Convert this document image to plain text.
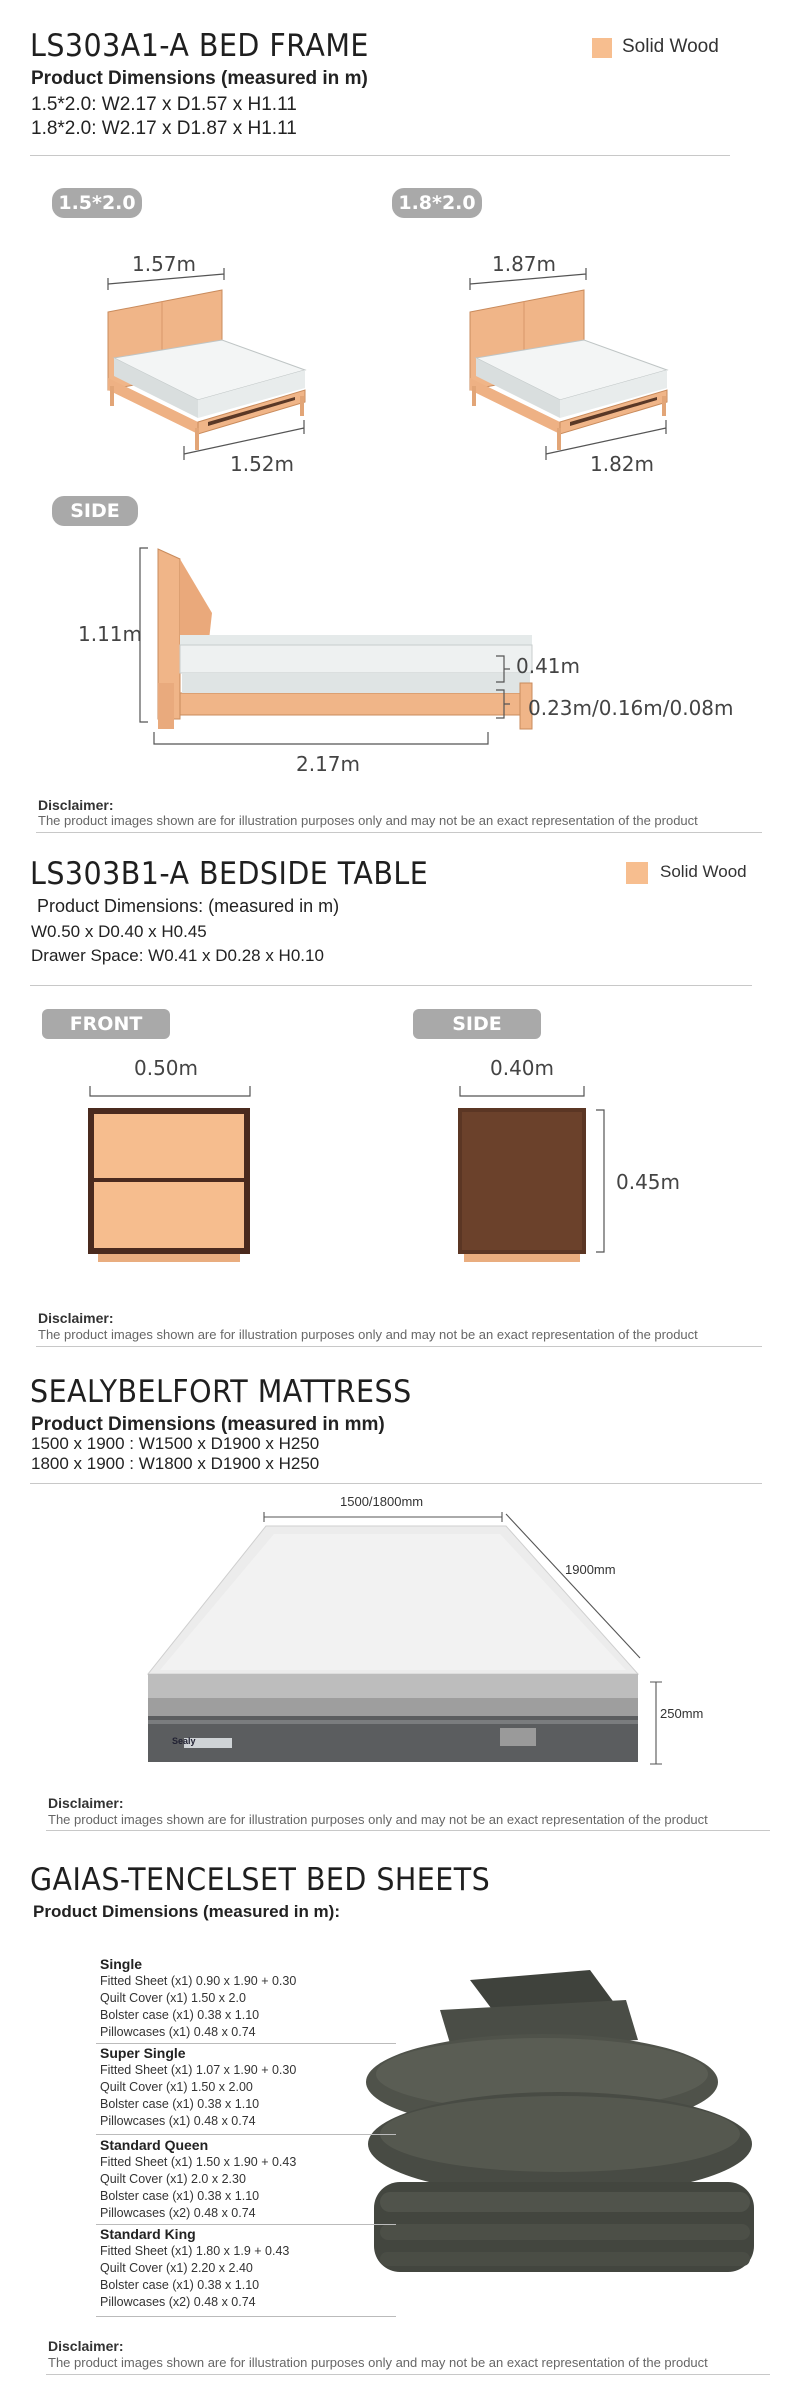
LS303A1-A BED FRAME
Product Dimensions (measured in m)
1.5*2.0: W2.17 x D1.57 x H1.11
1.8*2.0: W2.17 x D1.87 x H1.11
Solid Wood
1.5*2.0	1.8*2.0
1.57m
1.52m
1.87m
1.82m
SIDE
1.11m
0.41m
0.23m/0.16m/0.08m
2.17m
Disclaimer:
The product images shown are for illustration purposes only and may not be an exact representation of the product
LS303B1-A BEDSIDE TABLE
Product Dimensions: (measured in m)
W0.50 x D0.40 x H0.45
Drawer Space: W0.41 x D0.28 x H0.10
Solid Wood
FRONT	SIDE
0.50m	0.40m
0.45m
Disclaimer:
The product images shown are for illustration purposes only and may not be an exact representation of the product
SEALYBELFORT MATTRESS
Product Dimensions (measured in mm)
1500 x 1900 : W1500 x D1900 x H250
1800 x 1900 : W1800 x D1900 x H250
1500/1800mm
1900mm
Sealy
250mm
Disclaimer:
The product images shown are for illustration purposes only and may not be an exact representation of the product
GAIAS-TENCELSET BED SHEETS
Product Dimensions (measured in m):
Single
Fitted Sheet (x1) 0.90 x 1.90 + 0.30
Quilt Cover (x1) 1.50 x 2.0
Bolster case (x1) 0.38 x 1.10
Pillowcases (x1) 0.48 x 0.74
Super Single
Fitted Sheet (x1) 1.07 x 1.90 + 0.30
Quilt Cover (x1) 1.50 x 2.00
Bolster case (x1) 0.38 x 1.10
Pillowcases (x1) 0.48 x 0.74
Standard Queen
Fitted Sheet (x1) 1.50 x 1.90 + 0.43
Quilt Cover (x1) 2.0 x 2.30
Bolster case (x1) 0.38 x 1.10
Pillowcases (x2) 0.48 x 0.74
Standard King
Fitted Sheet (x1) 1.80 x 1.9 + 0.43
Quilt Cover (x1) 2.20 x 2.40
Bolster case (x1) 0.38 x 1.10
Pillowcases (x2) 0.48 x 0.74
Disclaimer:
The product images shown are for illustration purposes only and may not be an exact representation of the product
